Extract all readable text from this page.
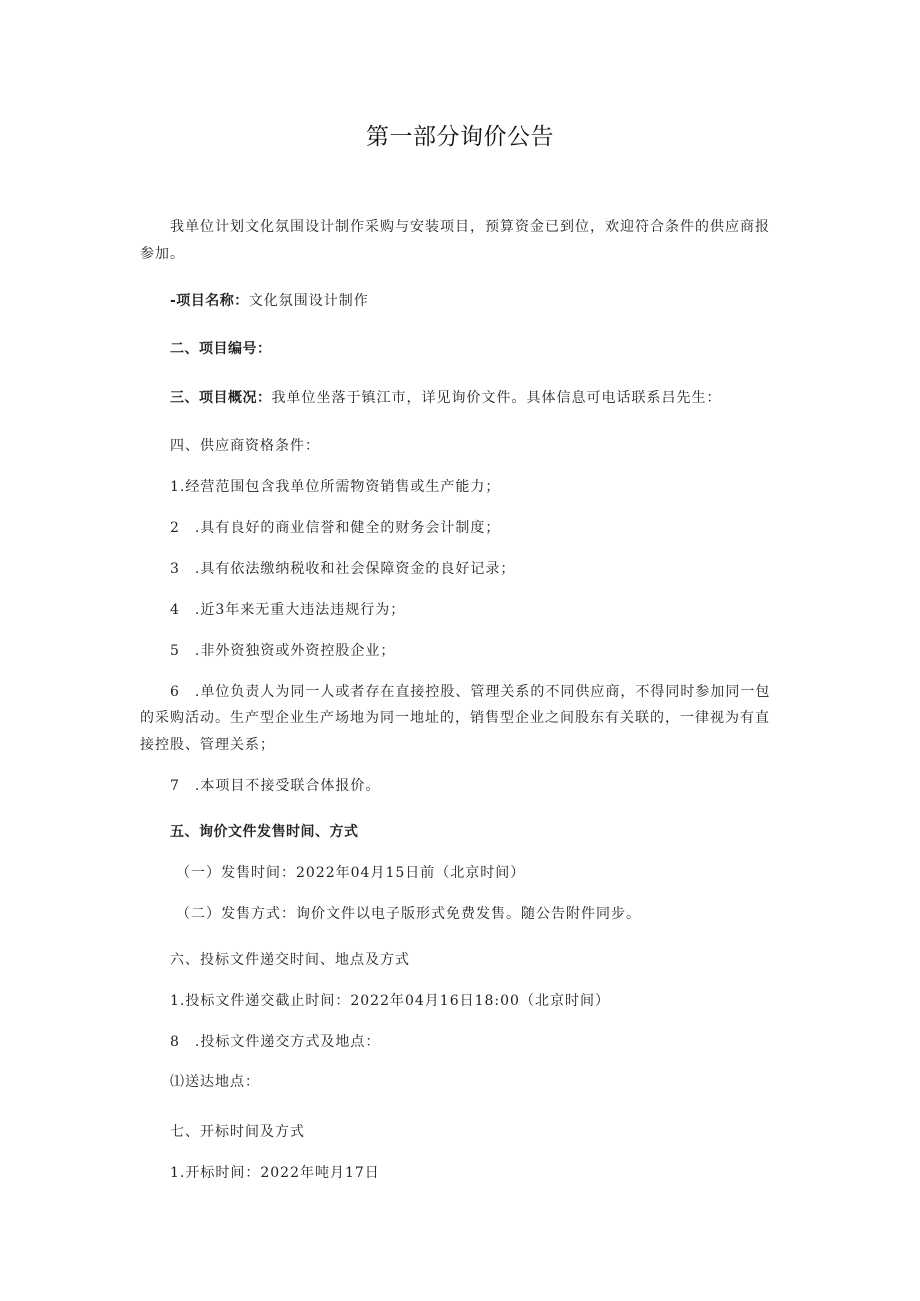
第一部分询价公告
我单位计划文化氛围设计制作采购与安装项目，预算资金已到位，欢迎符合条件的供应商报
参加。
-项目名称：文化氛围设计制作
二、项目编号：
三、项目概况：我单位坐落于镇江市，详见询价文件。具体信息可电话联系吕先生：
四、供应商资格条件：
1.经营范围包含我单位所需物资销售或生产能力；
2　.具有良好的商业信誉和健全的财务会计制度；
3　.具有依法缴纳税收和社会保障资金的良好记录；
4　.近3年来无重大违法违规行为；
5　.非外资独资或外资控股企业；
6　.单位负责人为同一人或者存在直接控股、管理关系的不同供应商，不得同时参加同一包
的采购活动。生产型企业生产场地为同一地址的，销售型企业之间股东有关联的，一律视为有直
接控股、管理关系；
7　.本项目不接受联合体报价。
五、询价文件发售时间、方式
（一）发售时间：2022年04月15日前（北京时间）
（二）发售方式：询价文件以电子版形式免费发售。随公告附件同步。
六、投标文件递交时间、地点及方式
1.投标文件递交截止时间：2022年04月16日18:00（北京时间）
8　.投标文件递交方式及地点：
⑴送达地点：
七、开标时间及方式
1.开标时间：2022年吨月17日
